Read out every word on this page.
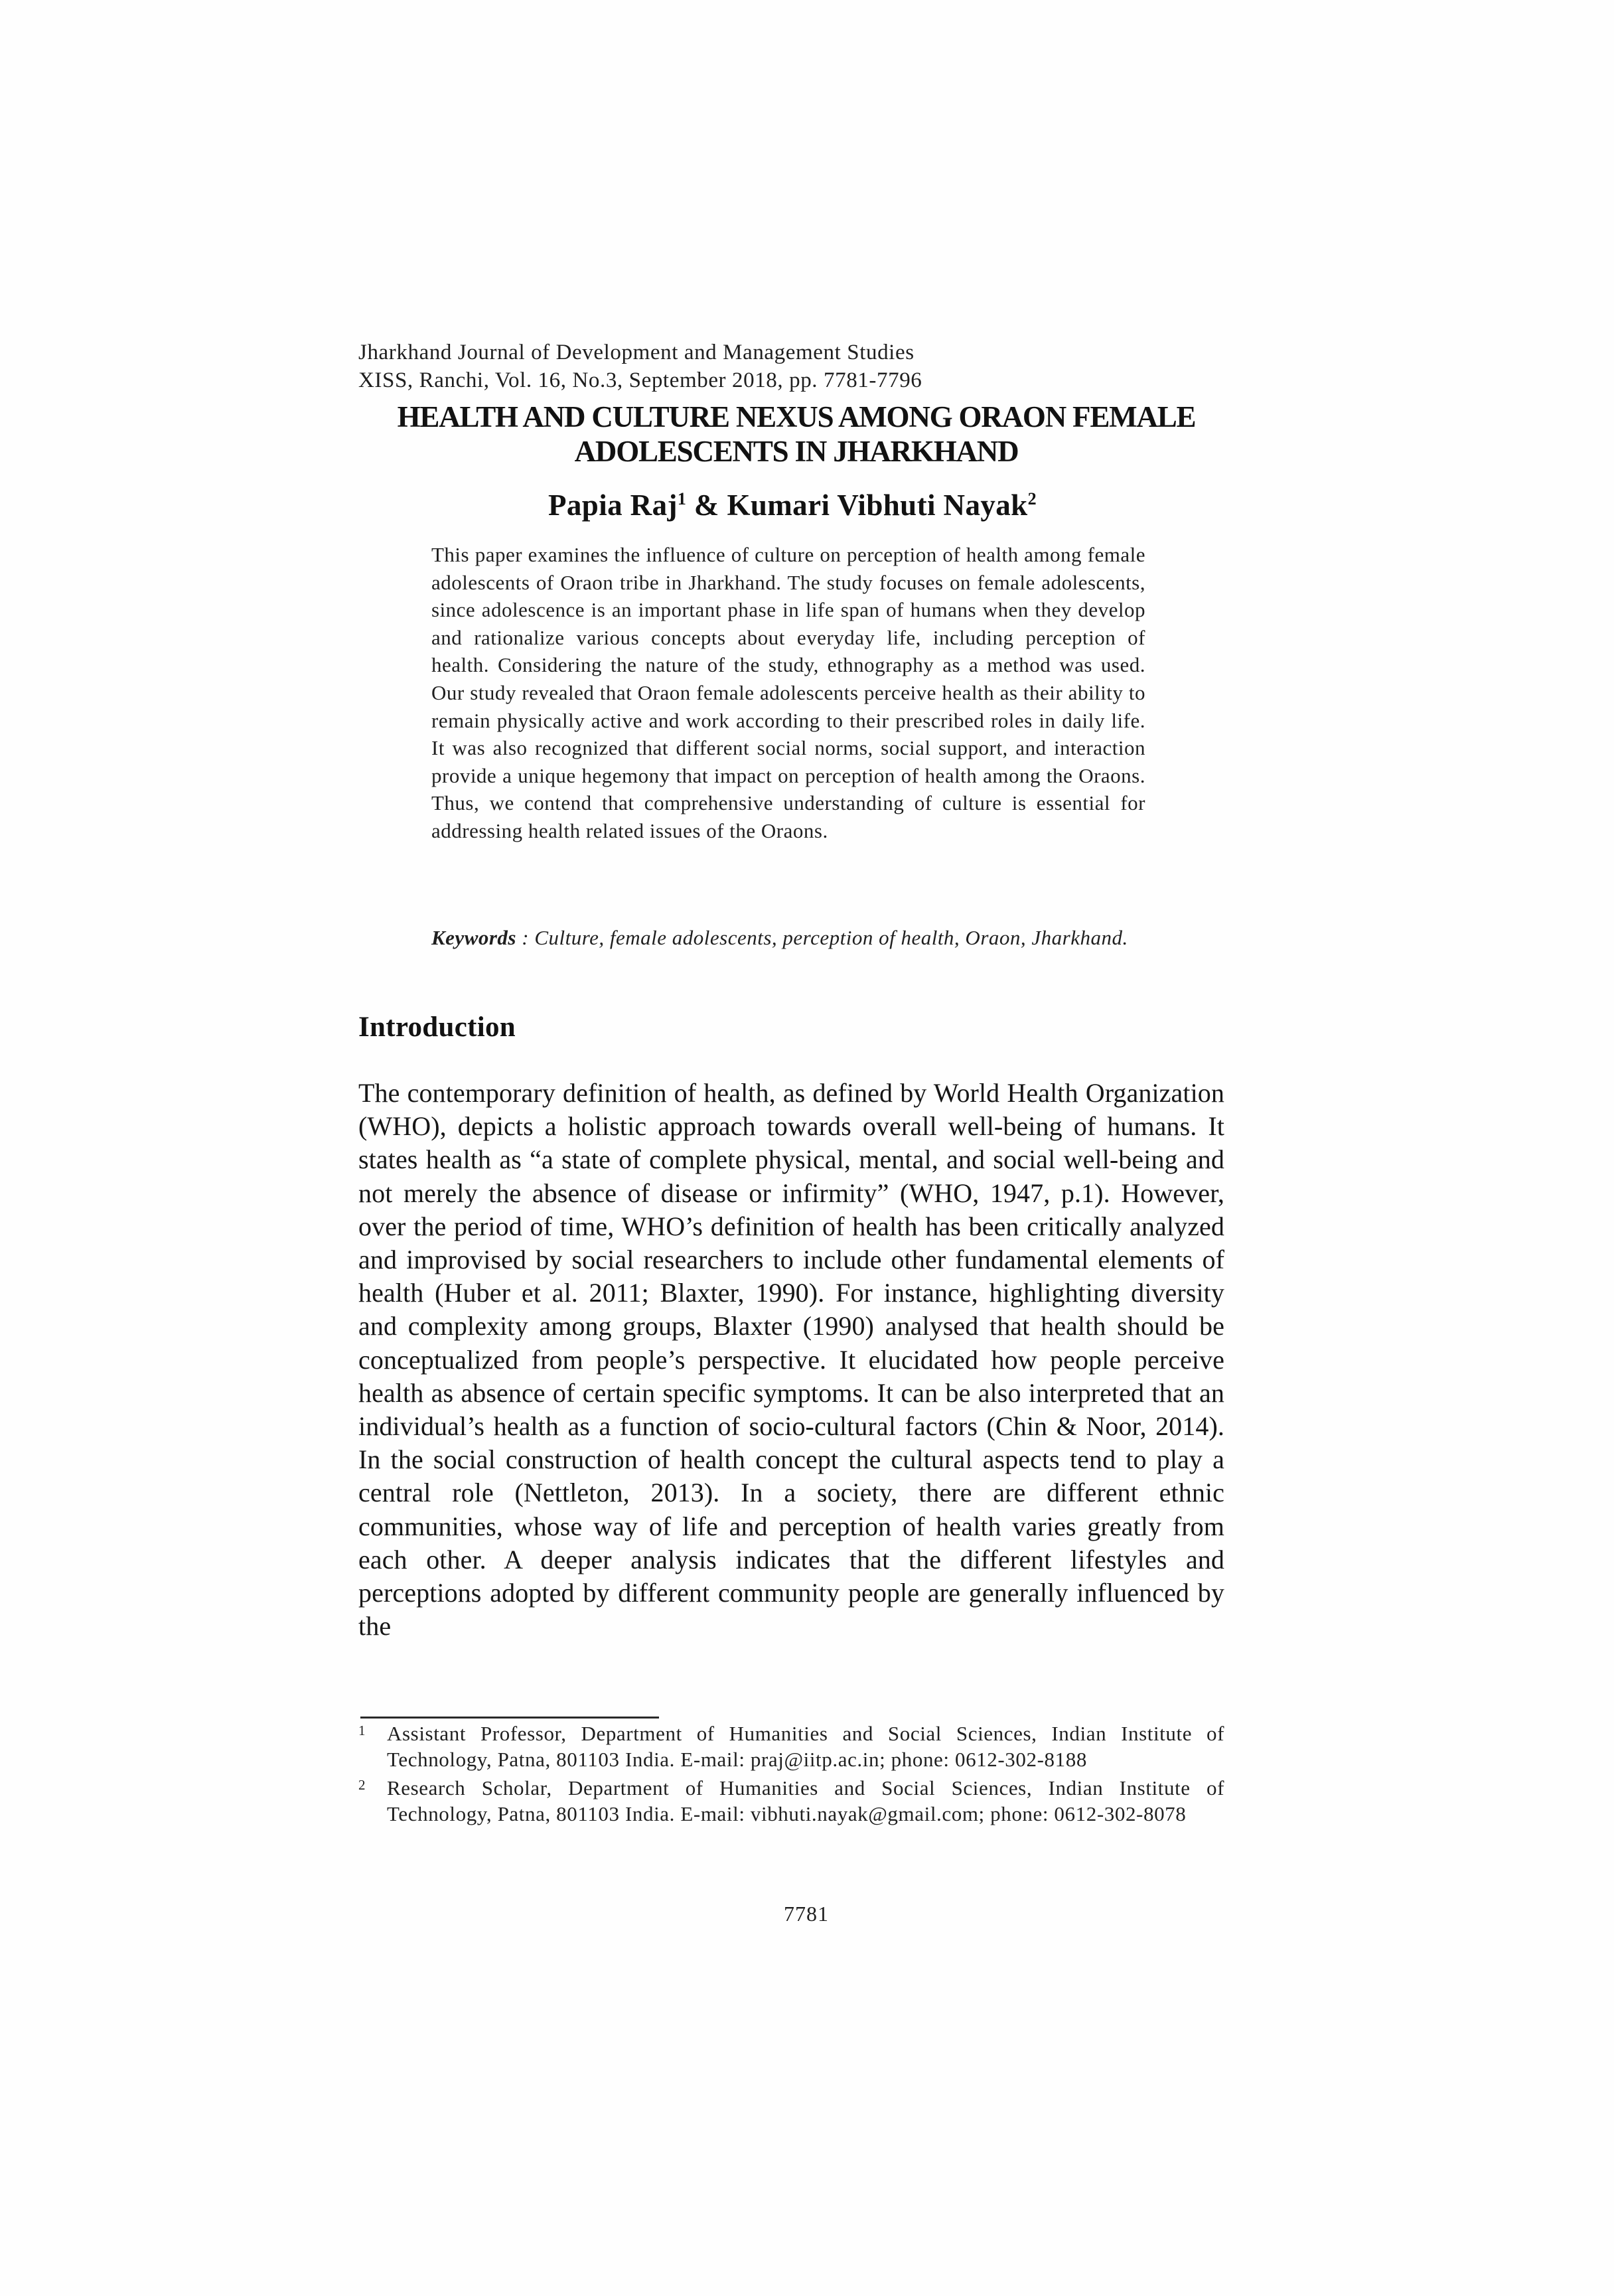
Jharkhand Journal of Development and Management Studies
XISS, Ranchi, Vol. 16, No.3, September 2018, pp. 7781-7796
HEALTH AND CULTURE NEXUS AMONG ORAON FEMALE
ADOLESCENTS IN JHARKHAND
Papia Raj$^1$ & Kumari Vibhuti Nayak$^2$
This paper examines the influence of culture on perception of health among female adolescents of Oraon tribe in Jharkhand. The study focuses on female adolescents, since adolescence is an important phase in life span of humans when they develop and rationalize various concepts about everyday life, including perception of health. Considering the nature of the study, ethnography as a method was used. Our study revealed that Oraon female adolescents perceive health as their ability to remain physically active and work according to their prescribed roles in daily life. It was also recognized that different social norms, social support, and interaction provide a unique hegemony that impact on perception of health among the Oraons. Thus, we contend that comprehensive understanding of culture is essential for addressing health related issues of the Oraons.
Keywords : Culture, female adolescents, perception of health, Oraon, Jharkhand.
Introduction
The contemporary definition of health, as defined by World Health Organization (WHO), depicts a holistic approach towards overall well-being of humans. It states health as “a state of complete physical, mental, and social well-being and not merely the absence of disease or infirmity” (WHO, 1947, p.1). However, over the period of time, WHO’s definition of health has been critically analyzed and improvised by social researchers to include other fundamental elements of health (Huber et al. 2011; Blaxter, 1990). For instance, highlighting diversity and complexity among groups, Blaxter (1990) analysed that health should be conceptualized from people’s perspective. It elucidated how people perceive health as absence of certain specific symptoms. It can be also interpreted that an individual’s health as a function of socio-cultural factors (Chin & Noor, 2014). In the social construction of health concept the cultural aspects tend to play a central role (Nettleton, 2013). In a society, there are different ethnic communities, whose way of life and perception of health varies greatly from each other. A deeper analysis indicates that the different lifestyles and perceptions adopted by different community people are generally influenced by the
1 Assistant Professor, Department of Humanities and Social Sciences, Indian Institute of Technology, Patna, 801103 India. E-mail: praj@iitp.ac.in; phone: 0612-302-8188
2 Research Scholar, Department of Humanities and Social Sciences, Indian Institute of Technology, Patna, 801103 India. E-mail: vibhuti.nayak@gmail.com; phone: 0612-302-8078
7781
